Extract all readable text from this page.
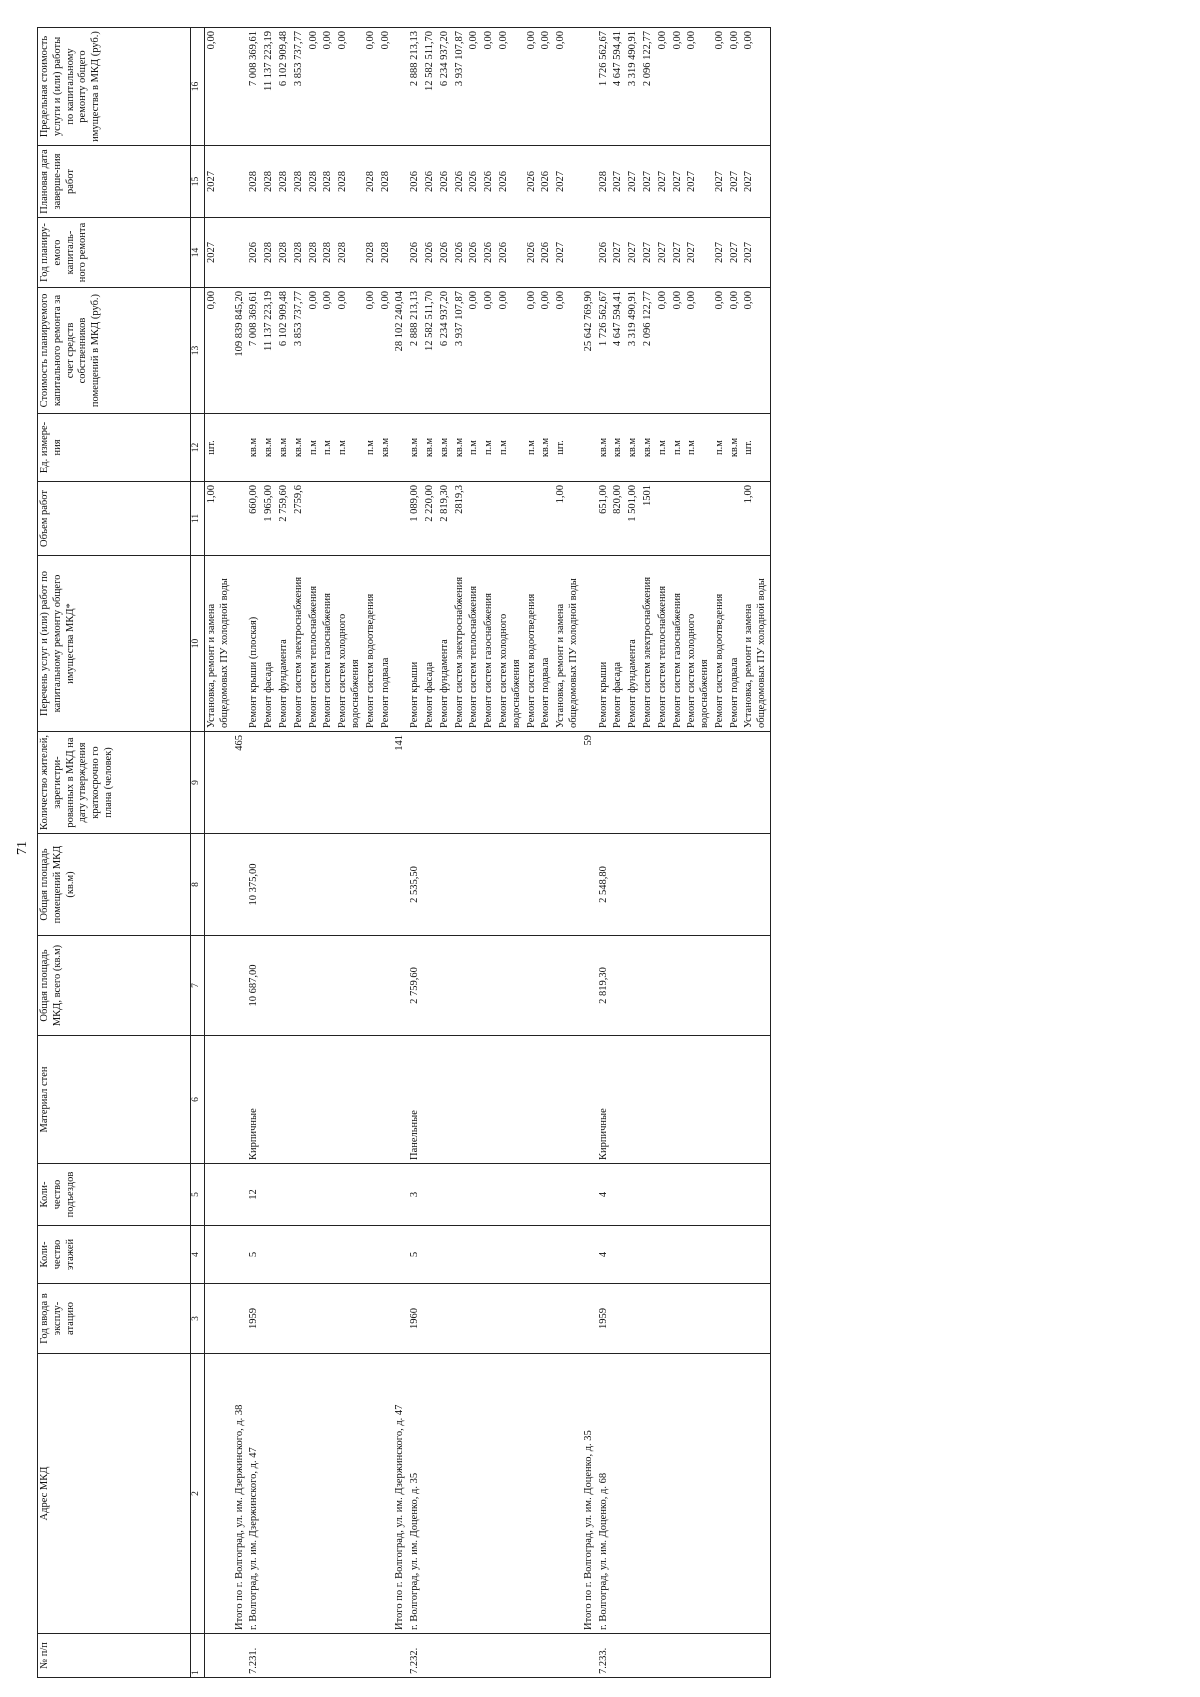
71
№ п/п	Адрес МКД	Год ввода в эксплу-атацию	Коли-чество этажей	Коли-чество подъездов	Материал стен	Общая площадь МКД, всего (кв.м)	Общая площадь помещений МКД (кв.м)	Количество жителей, зарегистри-рованных в МКД на дату утверждения краткосрочно го плана (человек)	Перечень услуг и (или) работ по капитальному ремонту общего имущества МКД*	Объем работ	Ед. измере-ния	Стоимость планируемого капитального ремонта за счет средств собственников помещений в МКД (руб.)	Год планиру-емого капиталь-ного ремонта	Плановая дата заверше-ния работ	Предельная стоимость услуги и (или) работы по капитальному ремонту общего имущества в МКД (руб.)
1	2	3	4	5	6	7	8	9	10	11	12	13	14	15	16
									Установка, ремонт и замена общедомовых ПУ холодной воды	1,00	шт.	0,00	2027	2027	0,00
	Итого по г. Волгоград, ул. им. Дзержинского, д. 38							465				109 839 845,20			
7.231.	г. Волгоград, ул. им. Дзержинского, д. 47	1959	5	12	Кирпичные	10 687,00	10 375,00		Ремонт крыши (плоская)	660,00	кв.м	7 008 369,61	2026	2028	7 008 369,61
									Ремонт фасада	1 965,00	кв.м	11 137 223,19	2028	2028	11 137 223,19
									Ремонт фундамента	2 759,60	кв.м	6 102 909,48	2028	2028	6 102 909,48
									Ремонт систем электроснабжения	2759,6	кв.м	3 853 737,77	2028	2028	3 853 737,77
									Ремонт систем теплоснабжения		п.м	0,00	2028	2028	0,00
									Ремонт систем газоснабжения		п.м	0,00	2028	2028	0,00
									Ремонт систем холодного водоснабжения		п.м	0,00	2028	2028	0,00
									Ремонт систем водоотведения		п.м	0,00	2028	2028	0,00
									Ремонт подвала		кв.м	0,00	2028	2028	0,00
	Итого по г. Волгоград, ул. им. Дзержинского, д. 47							141				28 102 240,04			
7.232.	г. Волгоград, ул. им. Доценко, д. 35	1960	5	3	Панельные	2 759,60	2 535,50		Ремонт крыши	1 089,00	кв.м	2 888 213,13	2026	2026	2 888 213,13
									Ремонт фасада	2 220,00	кв.м	12 582 511,70	2026	2026	12 582 511,70
									Ремонт фундамента	2 819,30	кв.м	6 234 937,20	2026	2026	6 234 937,20
									Ремонт систем электроснабжения	2819,3	кв.м	3 937 107,87	2026	2026	3 937 107,87
									Ремонт систем теплоснабжения		п.м	0,00	2026	2026	0,00
									Ремонт систем газоснабжения		п.м	0,00	2026	2026	0,00
									Ремонт систем холодного водоснабжения		п.м	0,00	2026	2026	0,00
									Ремонт систем водоотведения		п.м	0,00	2026	2026	0,00
									Ремонт подвала		кв.м	0,00	2026	2026	0,00
									Установка, ремонт и замена общедомовых ПУ холодной воды	1,00	шт.	0,00	2027	2027	0,00
	Итого по г. Волгоград, ул. им. Доценко, д. 35							59				25 642 769,90			
7.233.	г. Волгоград, ул. им. Доценко, д. 68	1959	4	4	Кирпичные	2 819,30	2 548,80		Ремонт крыши	651,00	кв.м	1 726 562,67	2026	2028	1 726 562,67
									Ремонт фасада	820,00	кв.м	4 647 594,41	2027	2027	4 647 594,41
									Ремонт фундамента	1 501,00	кв.м	3 319 490,91	2027	2027	3 319 490,91
									Ремонт систем электроснабжения	1501	кв.м	2 096 122,77	2027	2027	2 096 122,77
									Ремонт систем теплоснабжения		п.м	0,00	2027	2027	0,00
									Ремонт систем газоснабжения		п.м	0,00	2027	2027	0,00
									Ремонт систем холодного водоснабжения		п.м	0,00	2027	2027	0,00
									Ремонт систем водоотведения		п.м	0,00	2027	2027	0,00
									Ремонт подвала		кв.м	0,00	2027	2027	0,00
									Установка, ремонт и замена общедомовых ПУ холодной воды	1,00	шт.	0,00	2027	2027	0,00
